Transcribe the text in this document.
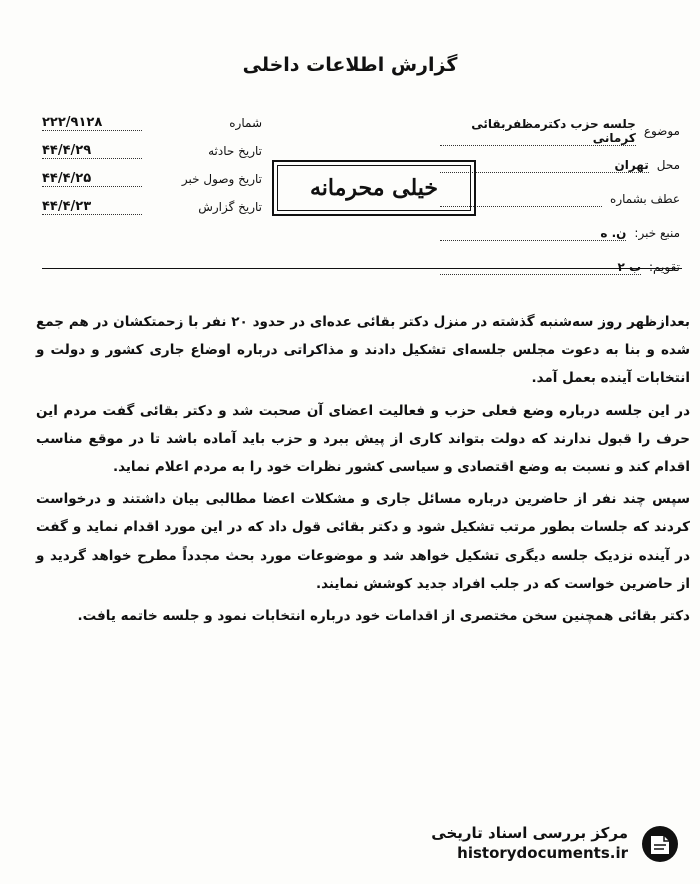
گزارش اطلاعات داخلی
شماره
۲۲۲/۹۱۲۸
تاریخ حادثه
۴۴/۴/۲۹
تاریخ وصول خبر
۴۴/۴/۲۵
تاریخ گزارش
۴۴/۴/۲۳
موضوع
جلسه حزب دکترمظفربقائی کرمانی
محل
تهران
عطف بشماره
منبع خبر:
ن. ه
تقویم:
ب ۲
خیلی محرمانه

بعدازظهر روز سه‌شنبه گذشته در منزل دکتر بقائی عده‌ای در حدود ۲۰ نفر با زحمتکشان در هم جمع شده و بنا به دعوت مجلس جلسه‌ای تشکیل دادند و مذاکراتی درباره اوضاع جاری کشور و دولت و انتخابات آینده بعمل آمد.

در این جلسه درباره وضع فعلی حزب و فعالیت اعضای آن صحبت شد و دکتر بقائی گفت مردم این حرف را قبول ندارند که دولت بتواند کاری از پیش ببرد و حزب باید آماده باشد تا در موقع مناسب اقدام کند و نسبت به وضع اقتصادی و سیاسی کشور نظرات خود را به مردم اعلام نماید.

سپس چند نفر از حاضرین درباره مسائل جاری و مشکلات اعضا مطالبی بیان داشتند و درخواست کردند که جلسات بطور مرتب تشکیل شود و دکتر بقائی قول داد که در این مورد اقدام نماید و گفت در آینده نزدیک جلسه دیگری تشکیل خواهد شد و موضوعات مورد بحث مجدداً مطرح خواهد گردید و از حاضرین خواست که در جلب افراد جدید کوشش نمایند.

دکتر بقائی همچنین سخن مختصری از اقدامات خود درباره انتخابات نمود و جلسه خاتمه یافت.

مرکز بررسی اسناد تاریخی
historydocuments.ir
